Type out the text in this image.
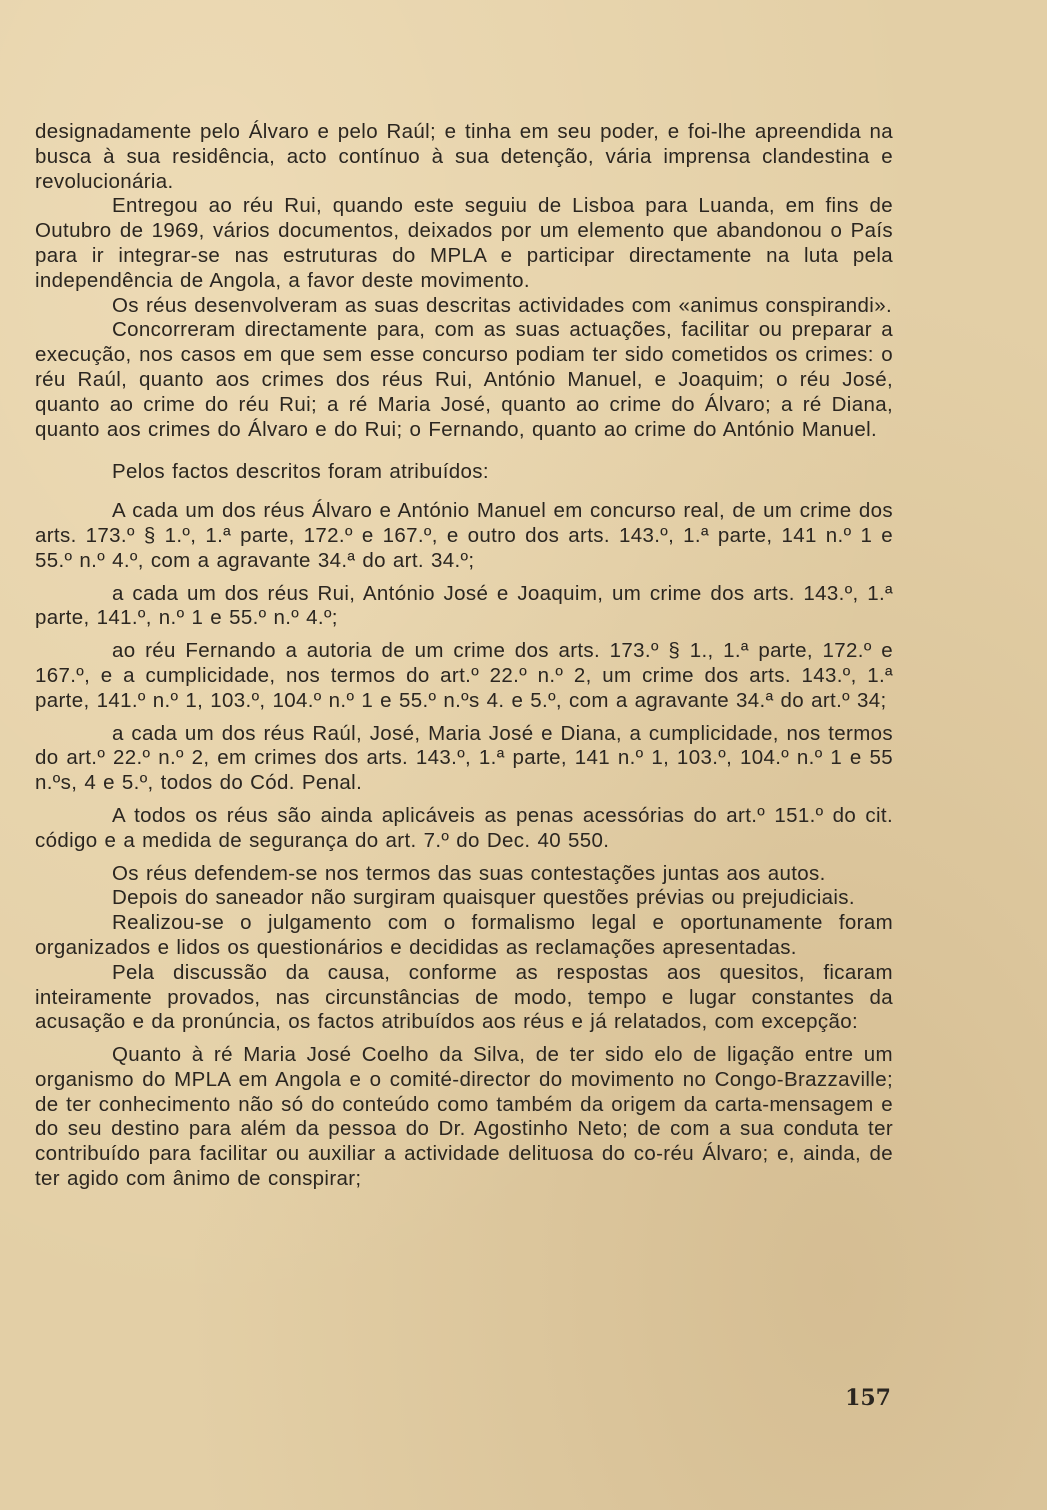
designadamente pelo Álvaro e pelo Raúl; e tinha em seu poder, e foi-lhe apreendida na busca à sua residência, acto contínuo à sua detenção, vária imprensa clandestina e revolucionária.

Entregou ao réu Rui, quando este seguiu de Lisboa para Luanda, em fins de Outubro de 1969, vários documentos, deixados por um elemento que abandonou o País para ir integrar-se nas estruturas do MPLA e participar directamente na luta pela independência de Angola, a favor deste movimento.

Os réus desenvolveram as suas descritas actividades com «animus conspirandi».

Concorreram directamente para, com as suas actuações, facilitar ou preparar a execução, nos casos em que sem esse concurso podiam ter sido cometidos os crimes: o réu Raúl, quanto aos crimes dos réus Rui, António Manuel, e Joaquim; o réu José, quanto ao crime do réu Rui; a ré Maria José, quanto ao crime do Álvaro; a ré Diana, quanto aos crimes do Álvaro e do Rui; o Fernando, quanto ao crime do António Manuel.

Pelos factos descritos foram atribuídos:

A cada um dos réus Álvaro e António Manuel em concurso real, de um crime dos arts. 173.º § 1.º, 1.ª parte, 172.º e 167.º, e outro dos arts. 143.º, 1.ª parte, 141 n.º 1 e 55.º n.º 4.º, com a agravante 34.ª do art. 34.º;

a cada um dos réus Rui, António José e Joaquim, um crime dos arts. 143.º, 1.ª parte, 141.º, n.º 1 e 55.º n.º 4.º;

ao réu Fernando a autoria de um crime dos arts. 173.º § 1., 1.ª parte, 172.º e 167.º, e a cumplicidade, nos termos do art.º 22.º n.º 2, um crime dos arts. 143.º, 1.ª parte, 141.º n.º 1, 103.º, 104.º n.º 1 e 55.º n.ºs 4. e 5.º, com a agravante 34.ª do art.º 34;

a cada um dos réus Raúl, José, Maria José e Diana, a cumplicidade, nos termos do art.º 22.º n.º 2, em crimes dos arts. 143.º, 1.ª parte, 141 n.º 1, 103.º, 104.º n.º 1 e 55 n.ºs, 4 e 5.º, todos do Cód. Penal.

A todos os réus são ainda aplicáveis as penas acessórias do art.º 151.º do cit. código e a medida de segurança do art. 7.º do Dec. 40 550.

Os réus defendem-se nos termos das suas contestações juntas aos autos.

Depois do saneador não surgiram quaisquer questões prévias ou prejudiciais.

Realizou-se o julgamento com o formalismo legal e oportunamente foram organizados e lidos os questionários e decididas as reclamações apresentadas.

Pela discussão da causa, conforme as respostas aos quesitos, ficaram inteiramente provados, nas circunstâncias de modo, tempo e lugar constantes da acusação e da pronúncia, os factos atribuídos aos réus e já relatados, com excepção:

Quanto à ré Maria José Coelho da Silva, de ter sido elo de ligação entre um organismo do MPLA em Angola e o comité-director do movimento no Congo-Brazzaville; de ter conhecimento não só do conteúdo como também da origem da carta-mensagem e do seu destino para além da pessoa do Dr. Agostinho Neto; de com a sua conduta ter contribuído para facilitar ou auxiliar a actividade delituosa do co-réu Álvaro; e, ainda, de ter agido com ânimo de conspirar;

157
